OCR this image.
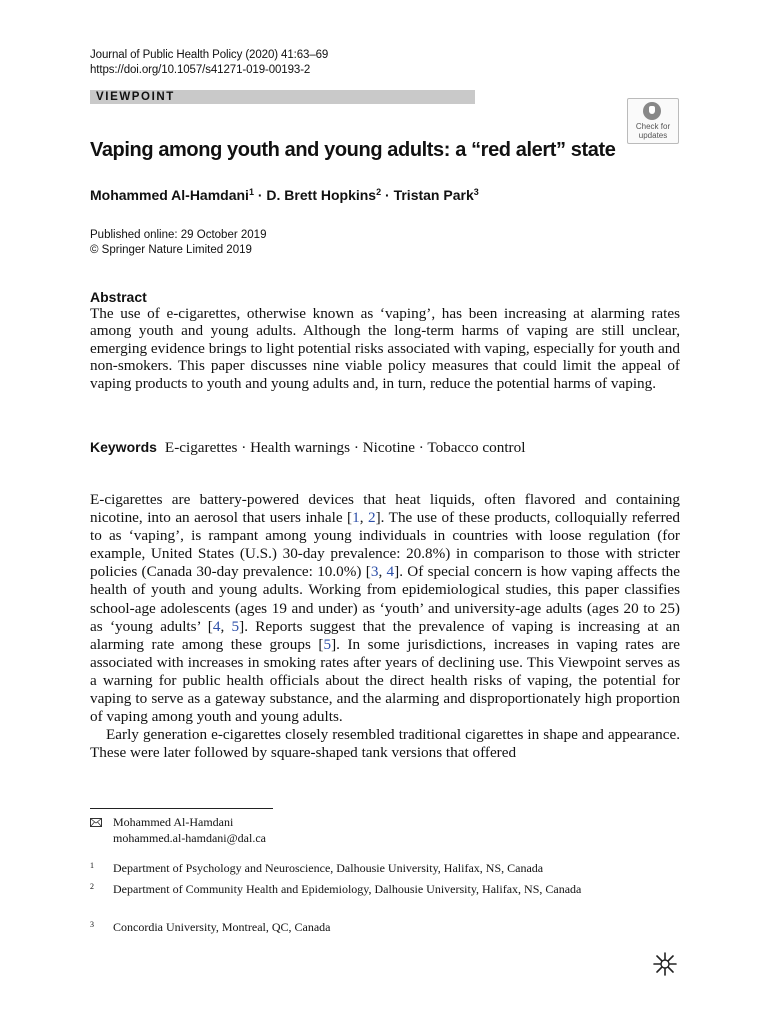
Journal of Public Health Policy (2020) 41:63–69
https://doi.org/10.1057/s41271-019-00193-2
VIEWPOINT
Check for
updates
Vaping among youth and young adults: a “red alert” state
Mohammed Al‑Hamdani$^1$ · D. Brett Hopkins$^2$ · Tristan Park$^3$
Published online: 29 October 2019
© Springer Nature Limited 2019
Abstract
The use of e-cigarettes, otherwise known as ‘vaping’, has been increasing at alarming rates among youth and young adults. Although the long-term harms of vaping are still unclear, emerging evidence brings to light potential risks associated with vaping, especially for youth and non-smokers. This paper discusses nine viable policy measures that could limit the appeal of vaping products to youth and young adults and, in turn, reduce the potential harms of vaping.
Keywords E-cigarettes · Health warnings · Nicotine · Tobacco control

E-cigarettes are battery-powered devices that heat liquids, often flavored and containing nicotine, into an aerosol that users inhale [1, 2]. The use of these products, colloquially referred to as ‘vaping’, is rampant among young individuals in countries with loose regulation (for example, United States (U.S.) 30-day prevalence: 20.8%) in comparison to those with stricter policies (Canada 30-day prevalence: 10.0%) [3, 4]. Of special concern is how vaping affects the health of youth and young adults. Working from epidemiological studies, this paper classifies school-age adolescents (ages 19 and under) as ‘youth’ and university-age adults (ages 20 to 25) as ‘young adults’ [4, 5]. Reports suggest that the prevalence of vaping is increasing at an alarming rate among these groups [5]. In some jurisdictions, increases in vaping rates are associated with increases in smoking rates after years of declining use. This Viewpoint serves as a warning for public health officials about the direct health risks of vaping, the potential for vaping to serve as a gateway substance, and the alarming and disproportionately high proportion of vaping among youth and young adults.

Early generation e-cigarettes closely resembled traditional cigarettes in shape and appearance. These were later followed by square-shaped tank versions that offered

Mohammed Al-Hamdani
mohammed.al-hamdani@dal.ca
1 Department of Psychology and Neuroscience, Dalhousie University, Halifax, NS, Canada
2 Department of Community Health and Epidemiology, Dalhousie University, Halifax, NS, Canada
3 Concordia University, Montreal, QC, Canada
